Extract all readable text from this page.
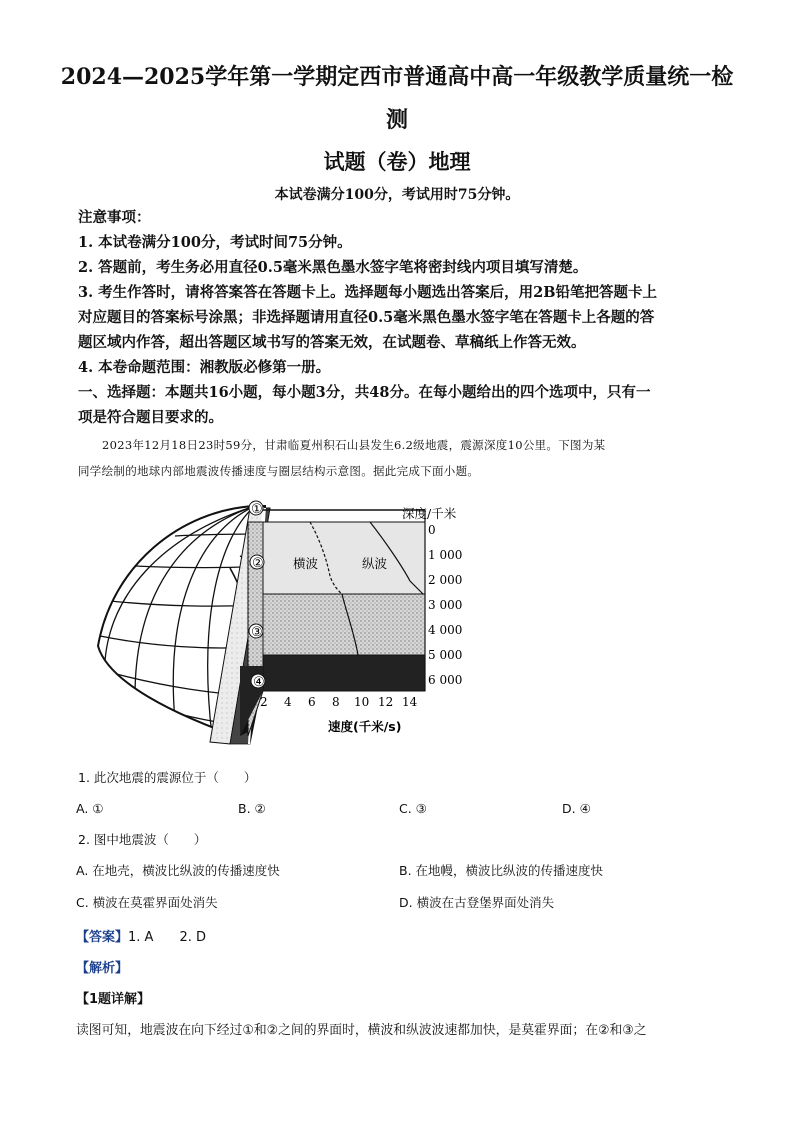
2024—2025学年第一学期定西市普通高中高一年级教学质量统一检
测
试题（卷）地理
本试卷满分100分，考试用时75分钟。
注意事项：
1. 本试卷满分100分，考试时间75分钟。
2. 答题前，考生务必用直径0.5毫米黑色墨水签字笔将密封线内项目填写清楚。
3. 考生作答时，请将答案答在答题卡上。选择题每小题选出答案后，用2B铅笔把答题卡上
对应题目的答案标号涂黑；非选择题请用直径0.5毫米黑色墨水签字笔在答题卡上各题的答
题区域内作答，超出答题区域书写的答案无效，在试题卷、草稿纸上作答无效。
4. 本卷命题范围：湘教版必修第一册。
一、选择题：本题共16小题，每小题3分，共48分。在每小题给出的四个选项中，只有一
项是符合题目要求的。
2023年12月18日23时59分，甘肃临夏州积石山县发生6.2级地震，震源深度10公里。下图为某
同学绘制的地球内部地震波传播速度与圈层结构示意图。据此完成下面小题。
①
②
③
④
横波	纵波
深度/千米
0
1 000
2 000
3 000
4 000
5 000
6 000
2 4 6 8 10 12 14
速度(千米/s)
1. 此次地震的震源位于（　　）
A. ①	B. ②	C. ③	D. ④
2. 图中地震波（　　）
A. 在地壳，横波比纵波的传播速度快	B. 在地幔，横波比纵波的传播速度快
C. 横波在莫霍界面处消失	D. 横波在古登堡界面处消失
【答案】1. A　　2. D
【解析】
【1题详解】
读图可知，地震波在向下经过①和②之间的界面时，横波和纵波波速都加快，是莫霍界面；在②和③之
